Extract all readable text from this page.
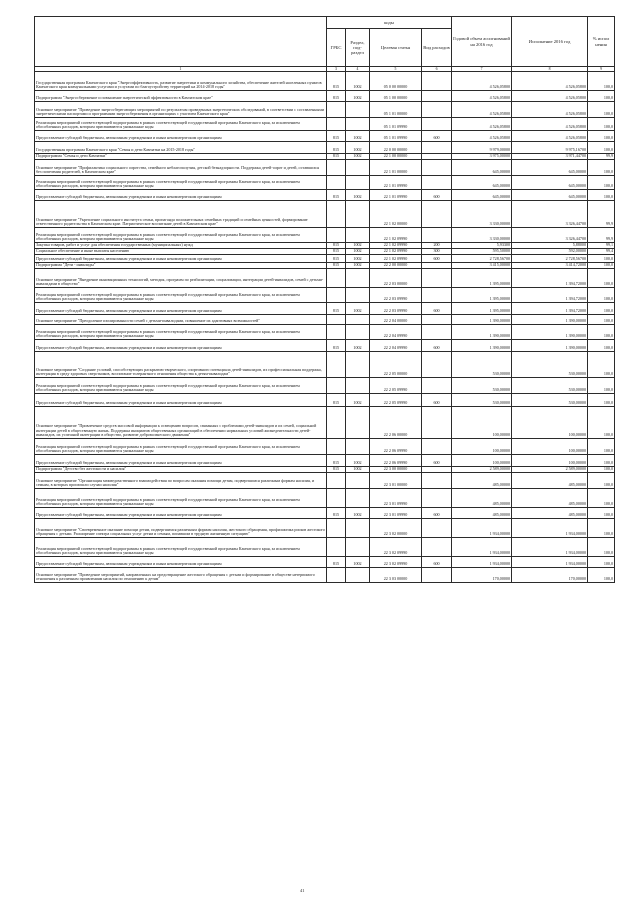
	коды				Годовой объем ассигнований на 2016 год	Исполнение 2016 год	% испол нения
	ГРБС	Раздел, под- раздел	Целевая статья	Вид расходов			
1	3	4	5	6	7	8	9
Государственная программа Камчатского края "Энергоэффективность, развитие энергетики и коммунального хозяйства, обеспечение жителей населенных пунктов Камчатского края коммунальными услугами и услугами по благоустройству территорий на 2014-2018 годы"	815	1002	05 0 00 00000		4 526,05800	4 526,05800	100,0
Подпрограмма "Энергосбережение и повышение энергетической эффективности в Камчатском крае"	815	1002	05 1 00 00000		4 526,05800	4 526,05800	100,0
Основное мероприятие "Проведение энергосберегающих мероприятий по результатам проведенных энергетических обследований, в соответствии с составленными энергетическими паспортами и программами энергосбережения в организациях с участием Камчатского края"			05 1 01 00000		4 526,05800	4 526,05800	100,0
Реализация мероприятий соответствующей подпрограммы в рамках соответствующей государственной программы Камчатского края, за исключением обособленных расходов, которым присваиваются уникальные коды			05 1 01 09990		4 526,05800	4 526,05800	100,0
Предоставление субсидий бюджетным, автономным учреждениям и иным некоммерческим организациям	815	1002	05 1 01 09990	600	4 526,05800	4 526,05800	100,0
Государственная программа Камчатского края "Семья и дети Камчатки на 2015-2018 годы"	815	1002	22 0 00 00000		9 979,00000	9 975,16700	100,0
Подпрограмма "Семья и дети Камчатки"	815	1002	22 1 00 00000		3 975,00000	3 971,44700	99,9
Основное мероприятие "Профилактика социального сиротства, семейного неблагополучия, детской безнадзорности. Поддержка детей-сирот и детей, оставшихся без попечения родителей, в Камчатском крае"			22 1 01 00000		645,00000	645,00000	100,0
Реализация мероприятий соответствующей подпрограммы в рамках соответствующей государственной программы Камчатского края, за исключением обособленных расходов, которым присваиваются уникальные коды			22 1 01 09990		645,00000	645,00000	100,0
Предоставление субсидий бюджетным, автономным учреждениям и иным некоммерческим организациям	815	1002	22 1 01 09990	600	645,00000	645,00000	100,0
Основное мероприятие "Укрепление социального института семьи, пропаганда положительных семейных традиций и семейных ценностей, формирование ответственного родительства в Камчатском крае. Патриотическое воспитание детей в Камчатском крае"			22 1 02 00000		3 330,00000	3 326,44700	99,9
Реализация мероприятий соответствующей подпрограммы в рамках соответствующей государственной программы Камчатского края, за исключением обособленных расходов, которым присваиваются уникальные коды			22 1 02 09990		3 330,00000	3 326,44700	99,9
Закупка товаров, работ и услуг для обеспечения государственных (муниципальных) нужд	815	1002	22 1 02 09990	200	5,93300	5,88000	99,1
Социальное обеспечение и иные выплаты населению	815	1002	22 1 02 09990	300	595,50000	592,00000	99,4
Предоставление субсидий бюджетным, автономным учреждениям и иным некоммерческим организациям	815	1002	22 1 02 09990	600	2 728,56700	2 728,56700	100,0
Подпрограмма "Дети - инвалиды"	815	1002	22 2 00 00000		3 415,00000	3 414,72000	100,0
Основное мероприятие "Внедрение инновационных технологий, методик, программ по реабилитации, социализации, интеграции детей-инвалидов, семей с детьми-инвалидами в общество"			22 2 03 00000		1 395,00000	1 394,72000	100,0
Реализация мероприятий соответствующей подпрограммы в рамках соответствующей государственной программы Камчатского края, за исключением обособленных расходов, которым присваиваются уникальные коды			22 2 03 09990		1 395,00000	1 394,72000	100,0
Предоставление субсидий бюджетным, автономным учреждениям и иным некоммерческим организациям	815	1002	22 2 03 09990	600	1 395,00000	1 394,72000	100,0
Основное мероприятие "Преодоление изолированности семей с детьми-инвалидами, повышение их адаптивных возможностей"			22 2 04 00000		1 390,00000	1 390,00000	100,0
Реализация мероприятий соответствующей подпрограммы в рамках соответствующей государственной программы Камчатского края, за исключением обособленных расходов, которым присваиваются уникальные коды			22 2 04 09990		1 390,00000	1 390,00000	100,0
Предоставление субсидий бюджетным, автономным учреждениям и иным некоммерческим организациям	815	1002	22 2 04 09990	600	1 390,00000	1 390,00000	100,0
Основное мероприятие "Создание условий, способствующих раскрытию творческого, спортивного потенциала детей-инвалидов, их профессиональная поддержка, интеграция в среду здоровых сверстников, воспитание толерантного отношения общества к детям-инвалидам"			22 2 05 00000		530,00000	530,00000	100,0
Реализация мероприятий соответствующей подпрограммы в рамках соответствующей государственной программы Камчатского края, за исключением обособленных расходов, которым присваиваются уникальные коды			22 2 05 09990		530,00000	530,00000	100,0
Предоставление субсидий бюджетным, автономным учреждениям и иным некоммерческим организациям	815	1002	22 2 05 09990	600	530,00000	530,00000	100,0
Основное мероприятие "Привлечение средств массовой информации к освещению вопросов, связанных с проблемами детей-инвалидов и их семей, социальной интеграции детей в общественную жизнь. Поддержка инициатив общественных организаций в обеспечении нормальных условий жизнедеятельности детей-инвалидов, их успешной интеграции в общество, развитие добровольческого движения"			22 2 06 00000		100,00000	100,00000	100,0
Реализация мероприятий соответствующей подпрограммы в рамках соответствующей государственной программы Камчатского края, за исключением обособленных расходов, которым присваиваются уникальные коды			22 2 06 09990		100,00000	100,00000	100,0
Предоставление субсидий бюджетным, автономным учреждениям и иным некоммерческим организациям	815	1002	22 2 06 09990	600	100,00000	100,00000	100,0
Подпрограмма "Детство без жестокости и насилия"	815	1002	22 3 00 00000		2 589,00000	2 589,00000	100,0
Основное мероприятие "Организация межведомственного взаимодействия по вопросам оказания помощи детям, подвергшимся различным формам насилия, и семьям, в которых произошли случаи насилия"			22 3 01 00000		485,00000	485,00000	100,0
Реализация мероприятий соответствующей подпрограммы в рамках соответствующей государственной программы Камчатского края, за исключением обособленных расходов, которым присваиваются уникальные коды			22 3 01 09990		485,00000	485,00000	100,0
Предоставление субсидий бюджетным, автономным учреждениям и иным некоммерческим организациям	815	1002	22 3 01 09990	600	485,00000	485,00000	100,0
Основное мероприятие "Своевременное оказание помощи детям, подвергшимся различным формам насилия, жестокого обращения, профилактика рисков жестокого обращения с детьми. Расширение спектра социальных услуг детям и семьям, попавшим в трудную жизненную ситуацию"			22 3 02 00000		1 934,00000	1 934,00000	100,0
Реализация мероприятий соответствующей подпрограммы в рамках соответствующей государственной программы Камчатского края, за исключением обособленных расходов, которым присваиваются уникальные коды			22 3 02 09990		1 934,00000	1 934,00000	100,0
Предоставление субсидий бюджетным, автономным учреждениям и иным некоммерческим организациям	815	1002	22 3 02 09990	600	1 934,00000	1 934,00000	100,0
Основное мероприятие "Проведение мероприятий, направленных на предотвращение жестокого обращения с детьми и формирование в обществе нетерпимого отношения к различным проявлениям насилия по отношению к детям"			22 3 03 00000		170,00000	170,00000	100,0
41
